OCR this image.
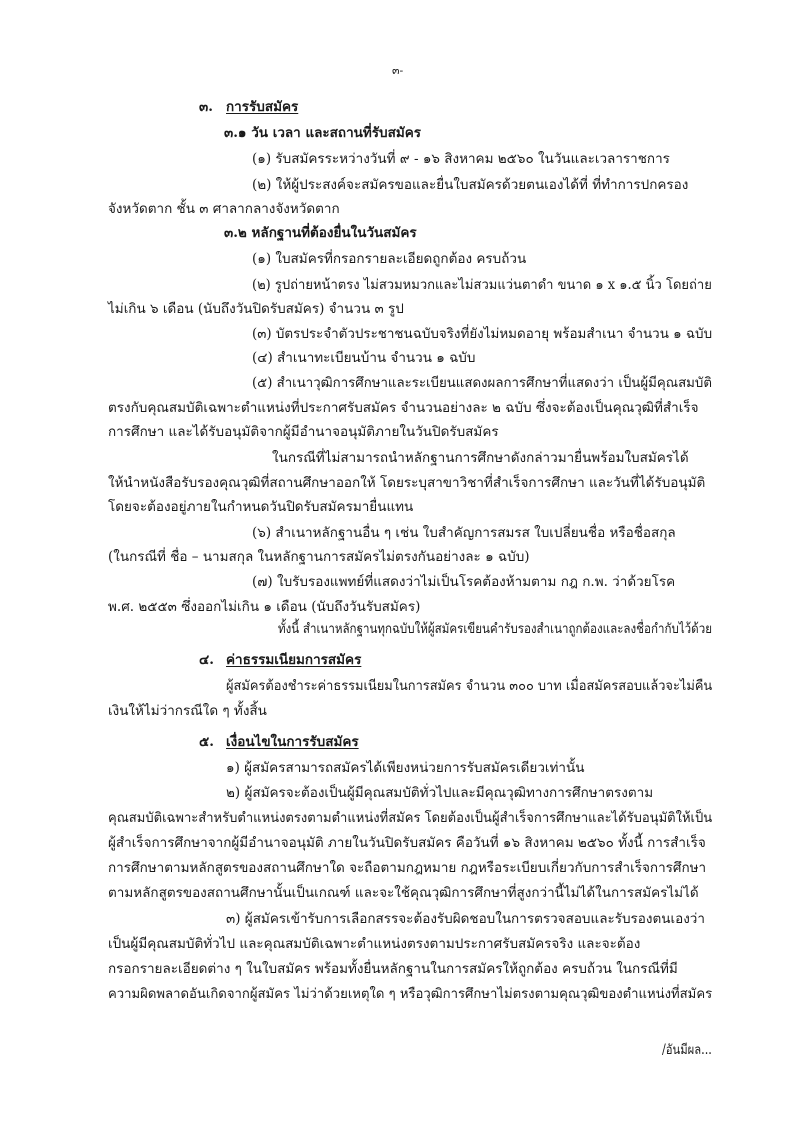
๓-
๓. การรับสมัคร
๓.๑ วัน เวลา และสถานที่รับสมัคร
(๑) รับสมัครระหว่างวันที่ ๙ - ๑๖ สิงหาคม ๒๕๖๐ ในวันและเวลาราชการ
(๒) ให้ผู้ประสงค์จะสมัครขอและยื่นใบสมัครด้วยตนเองได้ที่ ที่ทำการปกครอง
จังหวัดตาก ชั้น ๓ ศาลากลางจังหวัดตาก
๓.๒ หลักฐานที่ต้องยื่นในวันสมัคร
(๑) ใบสมัครที่กรอกรายละเอียดถูกต้อง ครบถ้วน
(๒) รูปถ่ายหน้าตรง ไม่สวมหมวกและไม่สวมแว่นตาดำ ขนาด ๑ x ๑.๕ นิ้ว โดยถ่าย
ไม่เกิน ๖ เดือน (นับถึงวันปิดรับสมัคร) จำนวน ๓ รูป
(๓) บัตรประจำตัวประชาชนฉบับจริงที่ยังไม่หมดอายุ พร้อมสำเนา จำนวน ๑ ฉบับ
(๔) สำเนาทะเบียนบ้าน จำนวน ๑ ฉบับ
(๕) สำเนาวุฒิการศึกษาและระเบียนแสดงผลการศึกษาที่แสดงว่า เป็นผู้มีคุณสมบัติ
ตรงกับคุณสมบัติเฉพาะตำแหน่งที่ประกาศรับสมัคร จำนวนอย่างละ ๒ ฉบับ ซึ่งจะต้องเป็นคุณวุฒิที่สำเร็จ
การศึกษา และได้รับอนุมัติจากผู้มีอำนาจอนุมัติภายในวันปิดรับสมัคร
ในกรณีที่ไม่สามารถนำหลักฐานการศึกษาดังกล่าวมายื่นพร้อมใบสมัครได้
ให้นำหนังสือรับรองคุณวุฒิที่สถานศึกษาออกให้ โดยระบุสาขาวิชาที่สำเร็จการศึกษา และวันที่ได้รับอนุมัติ
โดยจะต้องอยู่ภายในกำหนดวันปิดรับสมัครมายื่นแทน
(๖) สำเนาหลักฐานอื่น ๆ เช่น ใบสำคัญการสมรส ใบเปลี่ยนชื่อ หรือชื่อสกุล
(ในกรณีที่ ชื่อ – นามสกุล ในหลักฐานการสมัครไม่ตรงกันอย่างละ ๑ ฉบับ)
(๗) ใบรับรองแพทย์ที่แสดงว่าไม่เป็นโรคต้องห้ามตาม กฎ ก.พ. ว่าด้วยโรค
พ.ศ. ๒๕๕๓ ซึ่งออกไม่เกิน ๑ เดือน (นับถึงวันรับสมัคร)
ทั้งนี้ สำเนาหลักฐานทุกฉบับให้ผู้สมัครเขียนคำรับรองสำเนาถูกต้องและลงชื่อกำกับไว้ด้วย
๔. ค่าธรรมเนียมการสมัคร
ผู้สมัครต้องชำระค่าธรรมเนียมในการสมัคร จำนวน ๓๐๐ บาท เมื่อสมัครสอบแล้วจะไม่คืน
เงินให้ไม่ว่ากรณีใด ๆ ทั้งสิ้น
๕. เงื่อนไขในการรับสมัคร
๑) ผู้สมัครสามารถสมัครได้เพียงหน่วยการรับสมัครเดียวเท่านั้น
๒) ผู้สมัครจะต้องเป็นผู้มีคุณสมบัติทั่วไปและมีคุณวุฒิทางการศึกษาตรงตาม
คุณสมบัติเฉพาะสำหรับตำแหน่งตรงตามตำแหน่งที่สมัคร โดยต้องเป็นผู้สำเร็จการศึกษาและได้รับอนุมัติให้เป็น
ผู้สำเร็จการศึกษาจากผู้มีอำนาจอนุมัติ ภายในวันปิดรับสมัคร คือวันที่ ๑๖ สิงหาคม ๒๕๖๐ ทั้งนี้ การสำเร็จ
การศึกษาตามหลักสูตรของสถานศึกษาใด จะถือตามกฎหมาย กฎหรือระเบียบเกี่ยวกับการสำเร็จการศึกษา
ตามหลักสูตรของสถานศึกษานั้นเป็นเกณฑ์ และจะใช้คุณวุฒิการศึกษาที่สูงกว่านี้ไม่ได้ในการสมัครไม่ได้
๓) ผู้สมัครเข้ารับการเลือกสรรจะต้องรับผิดชอบในการตรวจสอบและรับรองตนเองว่า
เป็นผู้มีคุณสมบัติทั่วไป และคุณสมบัติเฉพาะตำแหน่งตรงตามประกาศรับสมัครจริง และจะต้อง
กรอกรายละเอียดต่าง ๆ ในใบสมัคร พร้อมทั้งยื่นหลักฐานในการสมัครให้ถูกต้อง ครบถ้วน ในกรณีที่มี
ความผิดพลาดอันเกิดจากผู้สมัคร ไม่ว่าด้วยเหตุใด ๆ หรือวุฒิการศึกษาไม่ตรงตามคุณวุฒิของตำแหน่งที่สมัคร
/อันมีผล...
